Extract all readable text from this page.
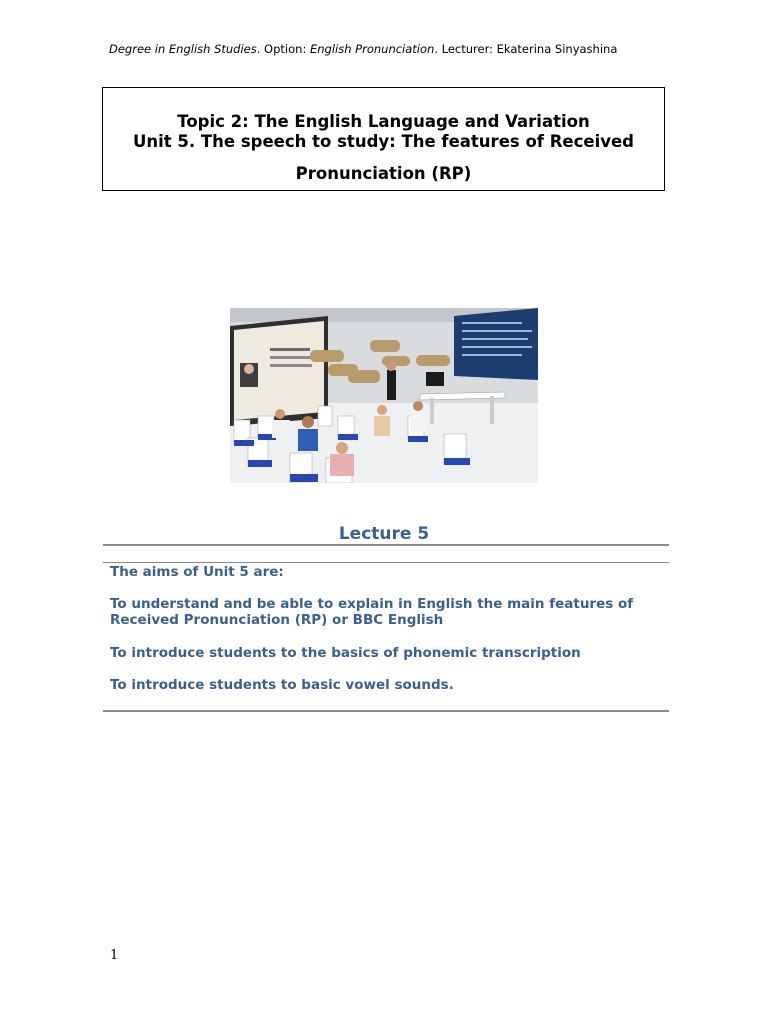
Degree in English Studies. Option: English Pronunciation. Lecturer: Ekaterina Sinyashina
Topic 2: The English Language and Variation
Unit 5. The speech to study: The features of Received
Pronunciation (RP)
Lecture 5
The aims of Unit 5 are:
To understand and be able to explain in English the main features of Received Pronunciation (RP) or BBC English
To introduce students to the basics of phonemic transcription
To introduce students to basic vowel sounds.
1
